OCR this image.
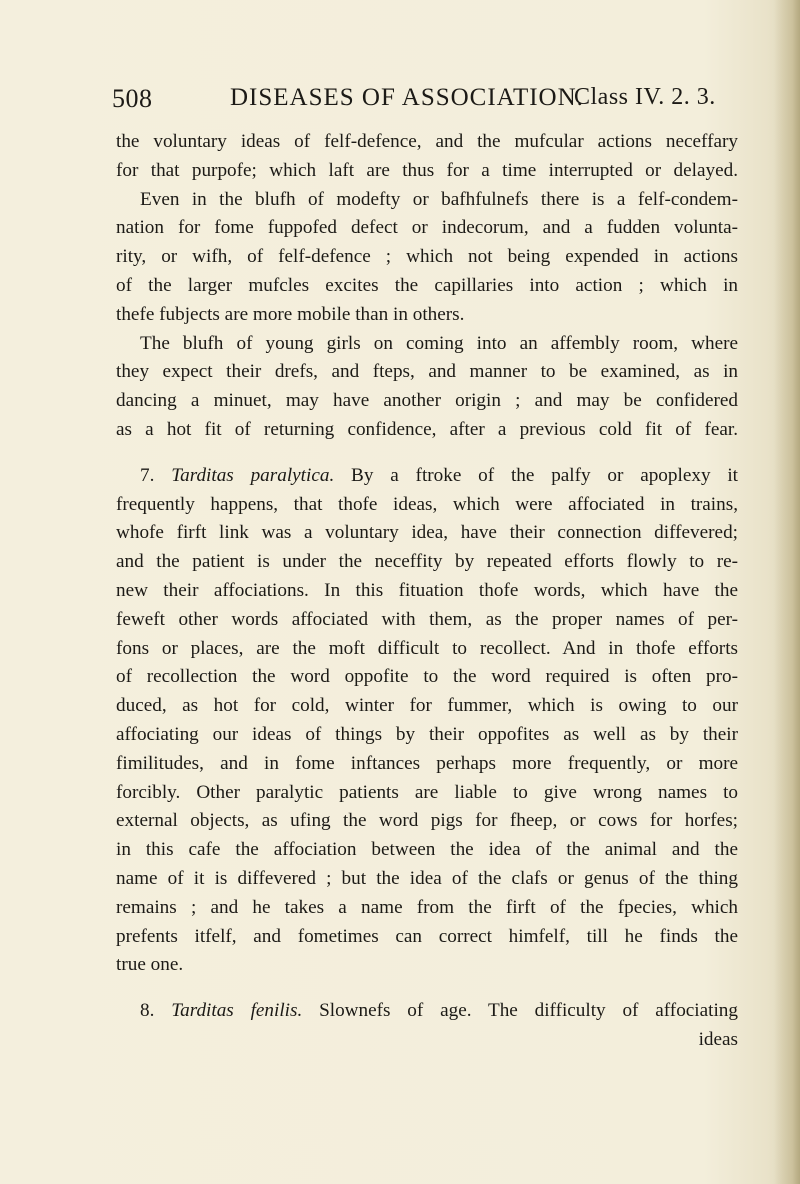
508	DISEASES OF ASSOCIATION.
Class IV. 2. 3.
the voluntary ideas of felf-defence, and the mufcular actions neceffary
for that purpofe; which laft are thus for a time interrupted or delayed.
Even in the blufh of modefty or bafhfulnefs there is a felf-condem-
nation for fome fuppofed defect or indecorum, and a fudden volunta-
rity, or wifh, of felf-defence ; which not being expended in actions
of the larger mufcles excites the capillaries into action ; which in
thefe fubjects are more mobile than in others.
The blufh of young girls on coming into an affembly room, where
they expect their drefs, and fteps, and manner to be examined, as in
dancing a minuet, may have another origin ; and may be confidered
as a hot fit of returning confidence, after a previous cold fit of fear.
7. Tarditas paralytica. By a ftroke of the palfy or apoplexy it
frequently happens, that thofe ideas, which were affociated in trains,
whofe firft link was a voluntary idea, have their connection diffevered;
and the patient is under the neceffity by repeated efforts flowly to re-
new their affociations. In this fituation thofe words, which have the
feweft other words affociated with them, as the proper names of per-
fons or places, are the moft difficult to recollect. And in thofe efforts
of recollection the word oppofite to the word required is often pro-
duced, as hot for cold, winter for fummer, which is owing to our
affociating our ideas of things by their oppofites as well as by their
fimilitudes, and in fome inftances perhaps more frequently, or more
forcibly. Other paralytic patients are liable to give wrong names to
external objects, as ufing the word pigs for fheep, or cows for horfes;
in this cafe the affociation between the idea of the animal and the
name of it is diffevered ; but the idea of the clafs or genus of the thing
remains ; and he takes a name from the firft of the fpecies, which
prefents itfelf, and fometimes can correct himfelf, till he finds the
true one.
8. Tarditas fenilis. Slownefs of age. The difficulty of affociating
ideas
